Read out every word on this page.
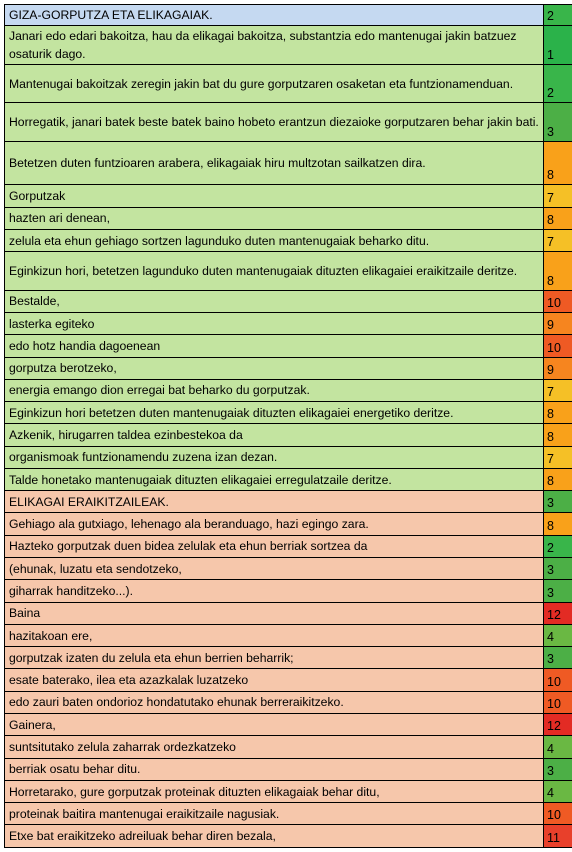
GIZA-GORPUTZA ETA ELIKAGAIAK.	2
Janari edo edari bakoitza, hau da elikagai bakoitza, substantzia edo mantenugai jakin batzuez osaturik dago.	1
Mantenugai bakoitzak zeregin jakin bat du gure gorputzaren osaketan eta funtzionamenduan.	2
Horregatik, janari batek beste batek baino hobeto erantzun diezaioke gorputzaren behar jakin bati.	3
Betetzen duten funtzioaren arabera, elikagaiak hiru multzotan sailkatzen dira.	8
Gorputzak	7
hazten ari denean,	8
zelula eta ehun gehiago sortzen lagunduko duten mantenugaiak beharko ditu.	7
Eginkizun hori, betetzen lagunduko duten mantenugaiak dituzten elikagaiei eraikitzaile deritze.	8
Bestalde,	10
lasterka egiteko	9
edo hotz handia dagoenean	10
gorputza berotzeko,	9
energia emango dion erregai bat beharko du gorputzak.	7
Eginkizun hori betetzen duten mantenugaiak dituzten elikagaiei energetiko deritze.	8
Azkenik, hirugarren taldea ezinbestekoa da	8
organismoak funtzionamendu zuzena izan dezan.	7
Talde honetako mantenugaiak dituzten elikagaiei erregulatzaile deritze.	8
ELIKAGAI ERAIKITZAILEAK.	3
Gehiago ala gutxiago, lehenago ala beranduago, hazi egingo zara.	8
Hazteko gorputzak duen bidea zelulak eta ehun berriak sortzea da	2
(ehunak, luzatu eta sendotzeko,	3
giharrak handitzeko...).	3
Baina	12
hazitakoan ere,	4
gorputzak izaten du zelula eta ehun berrien beharrik;	3
esate baterako, ilea eta azazkalak luzatzeko	10
edo zauri baten ondorioz hondatutako ehunak berreraikitzeko.	10
Gainera,	12
suntsitutako zelula zaharrak ordezkatzeko	4
berriak osatu behar ditu.	3
Horretarako, gure gorputzak proteinak dituzten elikagaiak behar ditu,	4
proteinak baitira mantenugai eraikitzaile nagusiak.	10
Etxe bat eraikitzeko adreiluak behar diren bezala,	11
